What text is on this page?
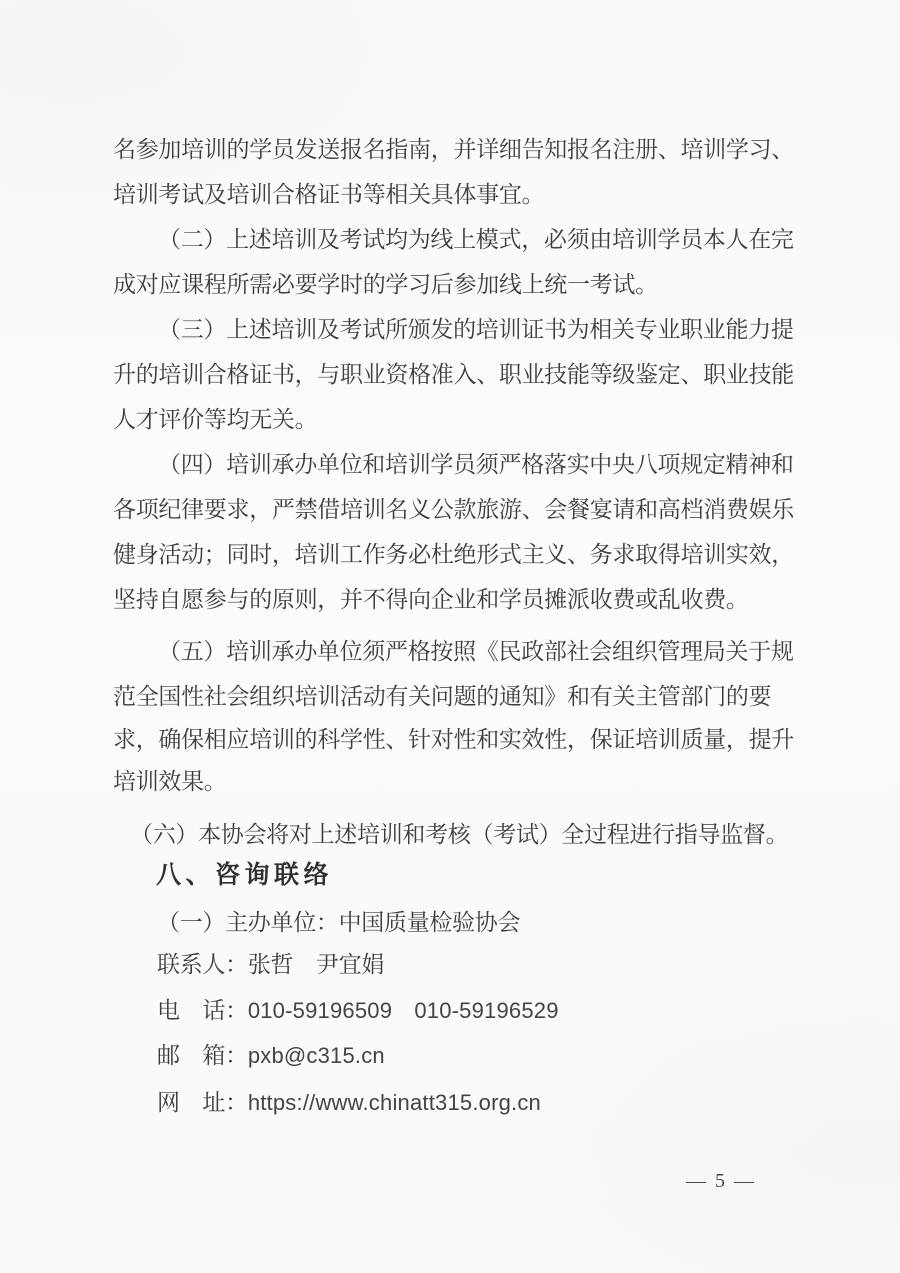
名参加培训的学员发送报名指南，并详细告知报名注册、培训学习、
培训考试及培训合格证书等相关具体事宜。
（二）上述培训及考试均为线上模式，必须由培训学员本人在完
成对应课程所需必要学时的学习后参加线上统一考试。
（三）上述培训及考试所颁发的培训证书为相关专业职业能力提
升的培训合格证书，与职业资格准入、职业技能等级鉴定、职业技能
人才评价等均无关。
（四）培训承办单位和培训学员须严格落实中央八项规定精神和
各项纪律要求，严禁借培训名义公款旅游、会餐宴请和高档消费娱乐
健身活动；同时，培训工作务必杜绝形式主义、务求取得培训实效，
坚持自愿参与的原则，并不得向企业和学员摊派收费或乱收费。
（五）培训承办单位须严格按照《民政部社会组织管理局关于规
范全国性社会组织培训活动有关问题的通知》和有关主管部门的要
求，确保相应培训的科学性、针对性和实效性，保证培训质量，提升
培训效果。
（六）本协会将对上述培训和考核（考试）全过程进行指导监督。
八、咨询联络
（一）主办单位：中国质量检验协会
联系人：张哲　尹宜娟
电　话：010-59196509　010-59196529
邮　箱：pxb@c315.cn
网　址：https://www.chinatt315.org.cn
— 5 —
